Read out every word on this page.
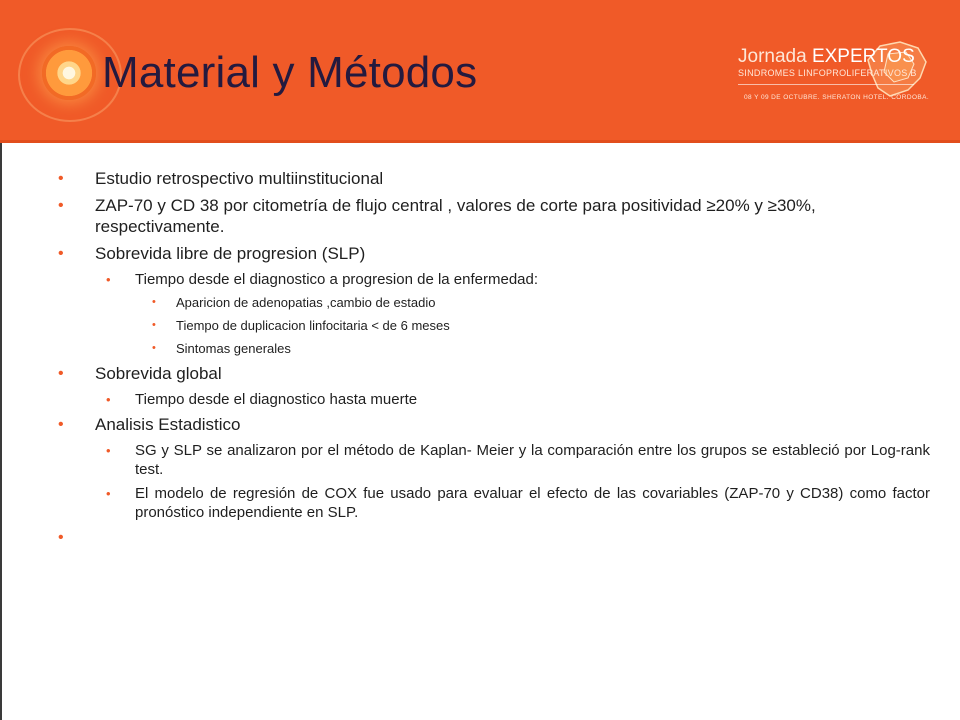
Material y Métodos	Jornada EXPERTOS
SINDROMES LINFOPROLIFERATIVOS B
08 Y 09 DE OCTUBRE. SHERATON HOTEL. CORDOBA.
• Estudio retrospectivo multiinstitucional
• ZAP-70 y CD 38 por citometría de flujo central , valores de corte para positividad ≥20% y ≥30%, respectivamente.
• Sobrevida libre de progresion (SLP)
• Tiempo desde el diagnostico a progresion de la enfermedad:
• Aparicion de adenopatias ,cambio de estadio
• Tiempo de duplicacion linfocitaria < de 6 meses
• Sintomas generales
• Sobrevida global
• Tiempo desde el diagnostico hasta muerte
• Analisis Estadistico
• SG y SLP se analizaron por el método de Kaplan- Meier y la comparación entre los grupos se estableció por Log-rank test.
• El modelo de regresión de COX fue usado para evaluar el efecto de las covariables (ZAP-70 y CD38) como factor pronóstico independiente en SLP.
•
